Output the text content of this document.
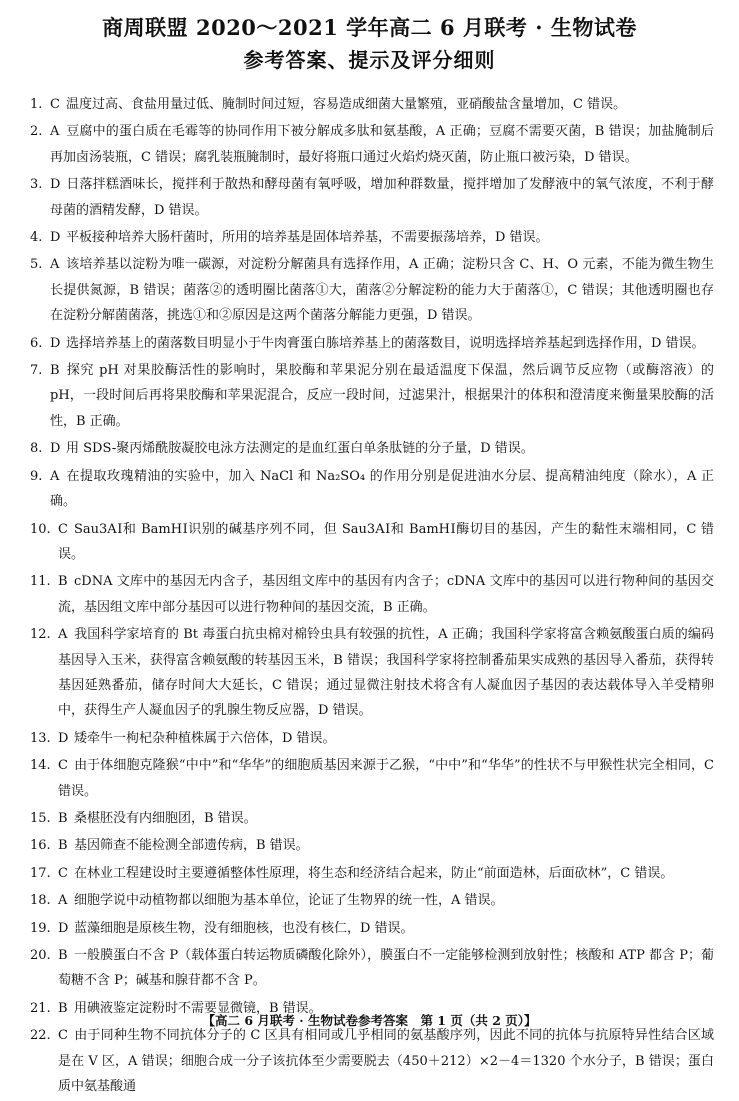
商周联盟 2020～2021 学年高二 6 月联考 · 生物试卷
参考答案、提示及评分细则
1. C 温度过高、食盐用量过低、腌制时间过短，容易造成细菌大量繁殖，亚硝酸盐含量增加，C 错误。
2. A 豆腐中的蛋白质在毛霉等的协同作用下被分解成多肽和氨基酸，A 正确；豆腐不需要灭菌，B 错误；加盐腌制后再加卤汤装瓶，C 错误；腐乳装瓶腌制时，最好将瓶口通过火焰灼烧灭菌，防止瓶口被污染，D 错误。
3. D 日落拌糕酒味长，搅拌利于散热和酵母菌有氧呼吸，增加种群数量，搅拌增加了发酵液中的氧气浓度，不利于酵母菌的酒精发酵，D 错误。
4. D 平板接种培养大肠杆菌时，所用的培养基是固体培养基，不需要振荡培养，D 错误。
5. A 该培养基以淀粉为唯一碳源，对淀粉分解菌具有选择作用，A 正确；淀粉只含 C、H、O 元素，不能为微生物生长提供氮源，B 错误；菌落②的透明圈比菌落①大，菌落②分解淀粉的能力大于菌落①，C 错误；其他透明圈也存在淀粉分解菌菌落，挑选①和②原因是这两个菌落分解能力更强，D 错误。
6. D 选择培养基上的菌落数目明显小于牛肉膏蛋白胨培养基上的菌落数目，说明选择培养基起到选择作用，D 错误。
7. B 探究 pH 对果胶酶活性的影响时，果胶酶和苹果泥分别在最适温度下保温，然后调节反应物（或酶溶液）的 pH，一段时间后再将果胶酶和苹果泥混合，反应一段时间，过滤果汁，根据果汁的体积和澄清度来衡量果胶酶的活性，B 正确。
8. D 用 SDS-聚丙烯酰胺凝胶电泳方法测定的是血红蛋白单条肽链的分子量，D 错误。
9. A 在提取玫瑰精油的实验中，加入 NaCl 和 Na₂SO₄ 的作用分别是促进油水分层、提高精油纯度（除水），A 正确。
10. C Sau3AⅠ和 BamHⅠ识别的碱基序列不同，但 Sau3AⅠ和 BamHⅠ酶切目的基因，产生的黏性末端相同，C 错误。
11. B cDNA 文库中的基因无内含子，基因组文库中的基因有内含子；cDNA 文库中的基因可以进行物种间的基因交流，基因组文库中部分基因可以进行物种间的基因交流，B 正确。
12. A 我国科学家培育的 Bt 毒蛋白抗虫棉对棉铃虫具有较强的抗性，A 正确；我国科学家将富含赖氨酸蛋白质的编码基因导入玉米，获得富含赖氨酸的转基因玉米，B 错误；我国科学家将控制番茄果实成熟的基因导入番茄，获得转基因延熟番茄，储存时间大大延长，C 错误；通过显微注射技术将含有人凝血因子基因的表达载体导入羊受精卵中，获得生产人凝血因子的乳腺生物反应器，D 错误。
13. D 矮牵牛一枸杞杂种植株属于六倍体，D 错误。
14. C 由于体细胞克隆猴“中中”和“华华”的细胞质基因来源于乙猴，“中中”和“华华”的性状不与甲猴性状完全相同，C 错误。
15. B 桑椹胚没有内细胞团，B 错误。
16. B 基因筛查不能检测全部遗传病，B 错误。
17. C 在林业工程建设时主要遵循整体性原理，将生态和经济结合起来，防止“前面造林，后面砍林”，C 错误。
18. A 细胞学说中动植物都以细胞为基本单位，论证了生物界的统一性，A 错误。
19. D 蓝藻细胞是原核生物，没有细胞核，也没有核仁，D 错误。
20. B 一般膜蛋白不含 P（载体蛋白转运物质磷酸化除外），膜蛋白不一定能够检测到放射性；核酸和 ATP 都含 P；葡萄糖不含 P；碱基和腺苷都不含 P。
21. B 用碘液鉴定淀粉时不需要显微镜，B 错误。
22. C 由于同种生物不同抗体分子的 C 区具有相同或几乎相同的氨基酸序列，因此不同的抗体与抗原特异性结合区域是在 V 区，A 错误；细胞合成一分子该抗体至少需要脱去（450＋212）×2－4＝1320 个水分子，B 错误；蛋白质中氨基酸通
【高二 6 月联考 · 生物试卷参考答案　第 1 页（共 2 页）】
